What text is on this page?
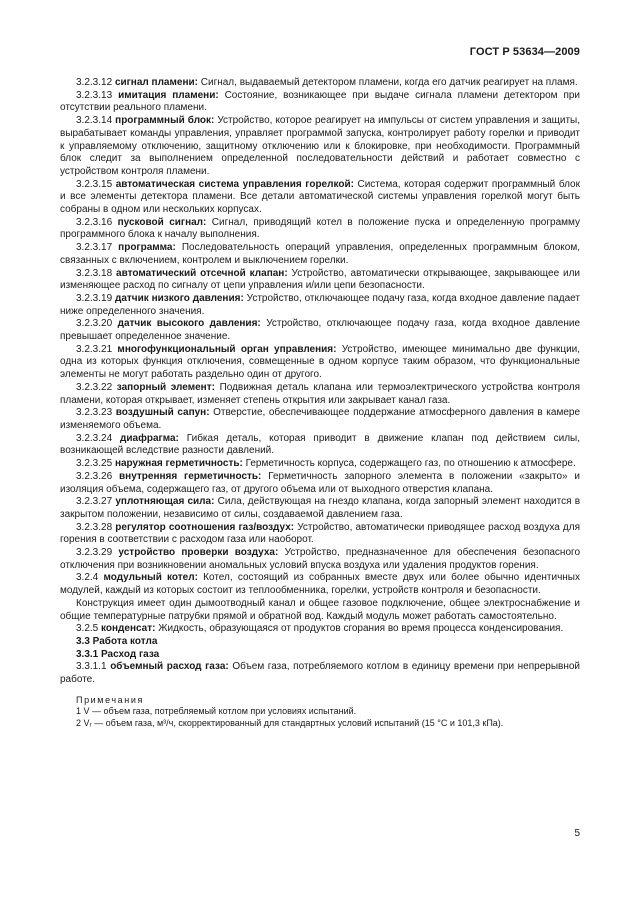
ГОСТ Р 53634—2009

3.2.3.12 сигнал пламени: Сигнал, выдаваемый детектором пламени, когда его датчик реагирует на пламя.

3.2.3.13 имитация пламени: Состояние, возникающее при выдаче сигнала пламени детектором при отсутствии реального пламени.

3.2.3.14 программный блок: Устройство, которое реагирует на импульсы от систем управления и защиты, вырабатывает команды управления, управляет программой запуска, контролирует работу горелки и приводит к управляемому отключению, защитному отключению или к блокировке, при необходимости. Программный блок следит за выполнением определенной последовательности действий и работает совместно с устройством контроля пламени.

3.2.3.15 автоматическая система управления горелкой: Система, которая содержит программный блок и все элементы детектора пламени. Все детали автоматической системы управления горелкой могут быть собраны в одном или нескольких корпусах.

3.2.3.16 пусковой сигнал: Сигнал, приводящий котел в положение пуска и определенную программу программного блока к началу выполнения.

3.2.3.17 программа: Последовательность операций управления, определенных программным блоком, связанных с включением, контролем и выключением горелки.

3.2.3.18 автоматический отсечной клапан: Устройство, автоматически открывающее, закрывающее или изменяющее расход по сигналу от цепи управления и/или цепи безопасности.

3.2.3.19 датчик низкого давления: Устройство, отключающее подачу газа, когда входное давление падает ниже определенного значения.

3.2.3.20 датчик высокого давления: Устройство, отключающее подачу газа, когда входное давление превышает определенное значение.

3.2.3.21 многофункциональный орган управления: Устройство, имеющее минимально две функции, одна из которых функция отключения, совмещенные в одном корпусе таким образом, что функциональные элементы не могут работать раздельно один от другого.

3.2.3.22 запорный элемент: Подвижная деталь клапана или термоэлектрического устройства контроля пламени, которая открывает, изменяет степень открытия или закрывает канал газа.

3.2.3.23 воздушный сапун: Отверстие, обеспечивающее поддержание атмосферного давления в камере изменяемого объема.

3.2.3.24 диафрагма: Гибкая деталь, которая приводит в движение клапан под действием силы, возникающей вследствие разности давлений.

3.2.3.25 наружная герметичность: Герметичность корпуса, содержащего газ, по отношению к атмосфере.

3.2.3.26 внутренняя герметичность: Герметичность запорного элемента в положении «закрыто» и изоляция объема, содержащего газ, от другого объема или от выходного отверстия клапана.

3.2.3.27 уплотняющая сила: Сила, действующая на гнездо клапана, когда запорный элемент находится в закрытом положении, независимо от силы, создаваемой давлением газа.

3.2.3.28 регулятор соотношения газ/воздух: Устройство, автоматически приводящее расход воздуха для горения в соответствии с расходом газа или наоборот.

3.2.3.29 устройство проверки воздуха: Устройство, предназначенное для обеспечения безопасного отключения при возникновении аномальных условий впуска воздуха или удаления продуктов горения.

3.2.4 модульный котел: Котел, состоящий из собранных вместе двух или более обычно идентичных модулей, каждый из которых состоит из теплообменника, горелки, устройств контроля и безопасности.

Конструкция имеет один дымоотводный канал и общее газовое подключение, общее электроснабжение и общие температурные патрубки прямой и обратной вод. Каждый модуль может работать самостоятельно.

3.2.5 конденсат: Жидкость, образующаяся от продуктов сгорания во время процесса конденсирования.

3.3 Работа котла

3.3.1 Расход газа

3.3.1.1 объемный расход газа: Объем газа, потребляемого котлом в единицу времени при непрерывной работе.

Примечания

1 V — объем газа, потребляемый котлом при условиях испытаний.

2 Vᵣ — объем газа, м³/ч, скорректированный для стандартных условий испытаний (15 °С и 101,3 кПа).

5
